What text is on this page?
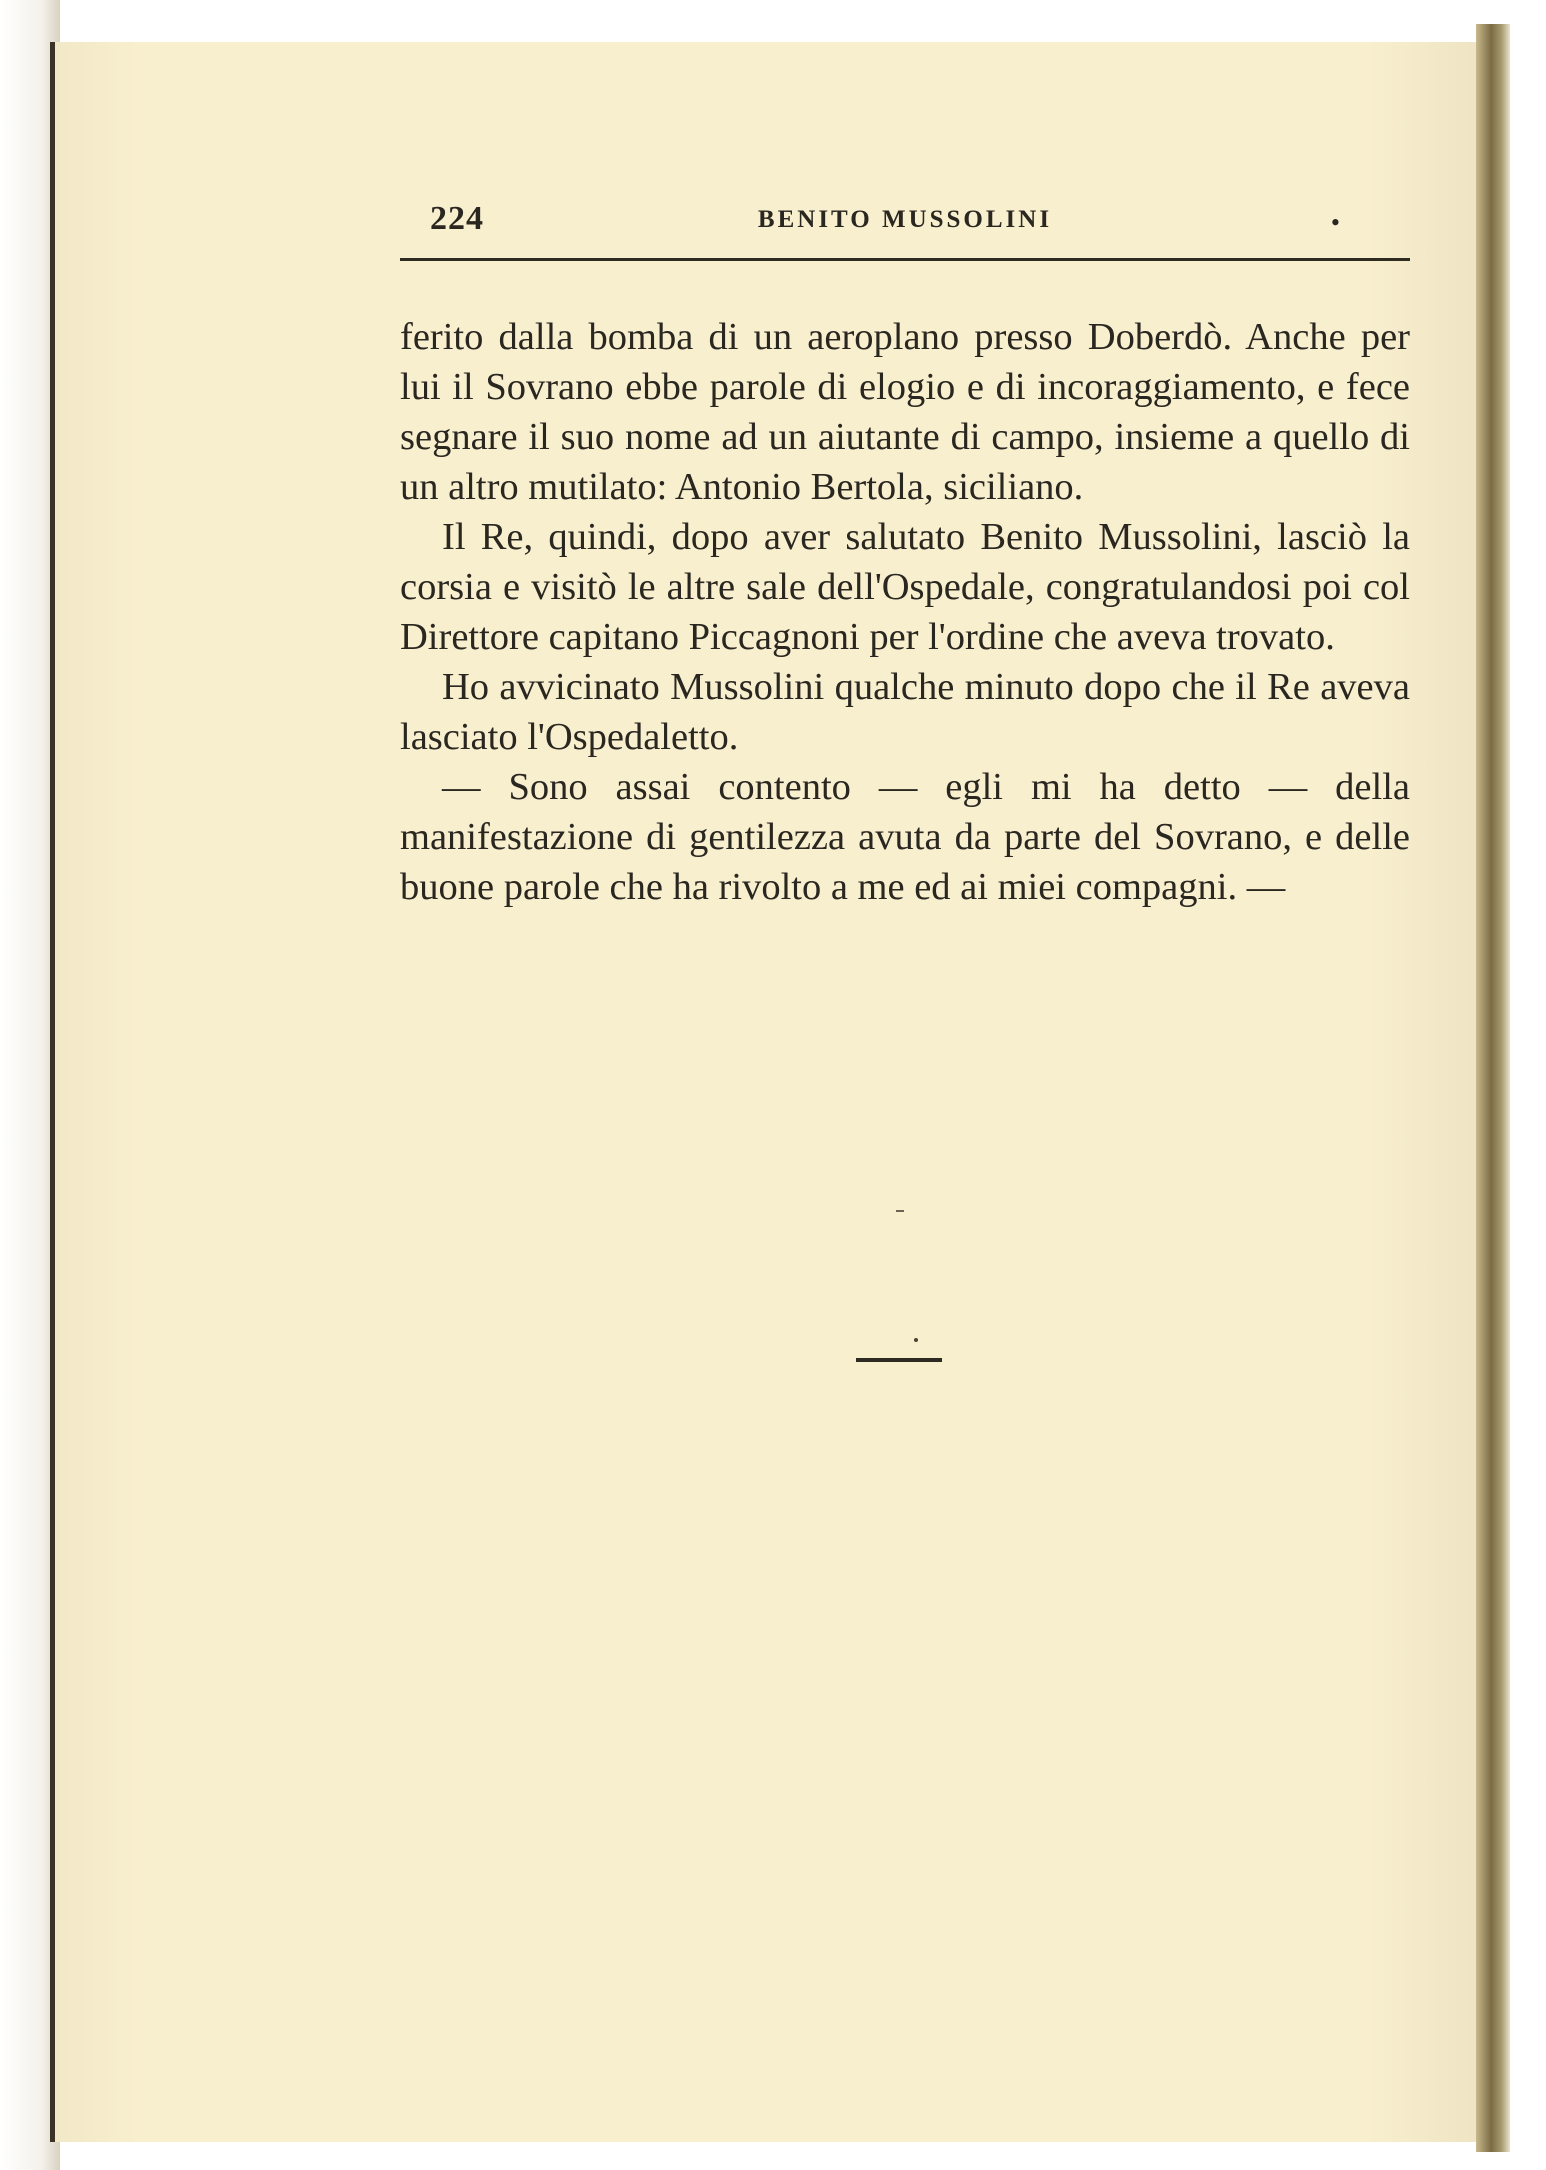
224	BENITO MUSSOLINI	•

ferito dalla bomba di un aeroplano presso Doberdò. Anche per lui il Sovrano ebbe parole di elogio e di incoraggiamento, e fece segnare il suo nome ad un aiutante di campo, insieme a quello di un altro mutilato: Antonio Bertola, siciliano.

Il Re, quindi, dopo aver salutato Benito Mussolini, lasciò la corsia e visitò le altre sale dell'Ospedale, congratulandosi poi col Direttore capitano Piccagnoni per l'ordine che aveva trovato.

Ho avvicinato Mussolini qualche minuto dopo che il Re aveva lasciato l'Ospedaletto.

— Sono assai contento — egli mi ha detto — della manifestazione di gentilezza avuta da parte del Sovrano, e delle buone parole che ha rivolto a me ed ai miei compagni. —
